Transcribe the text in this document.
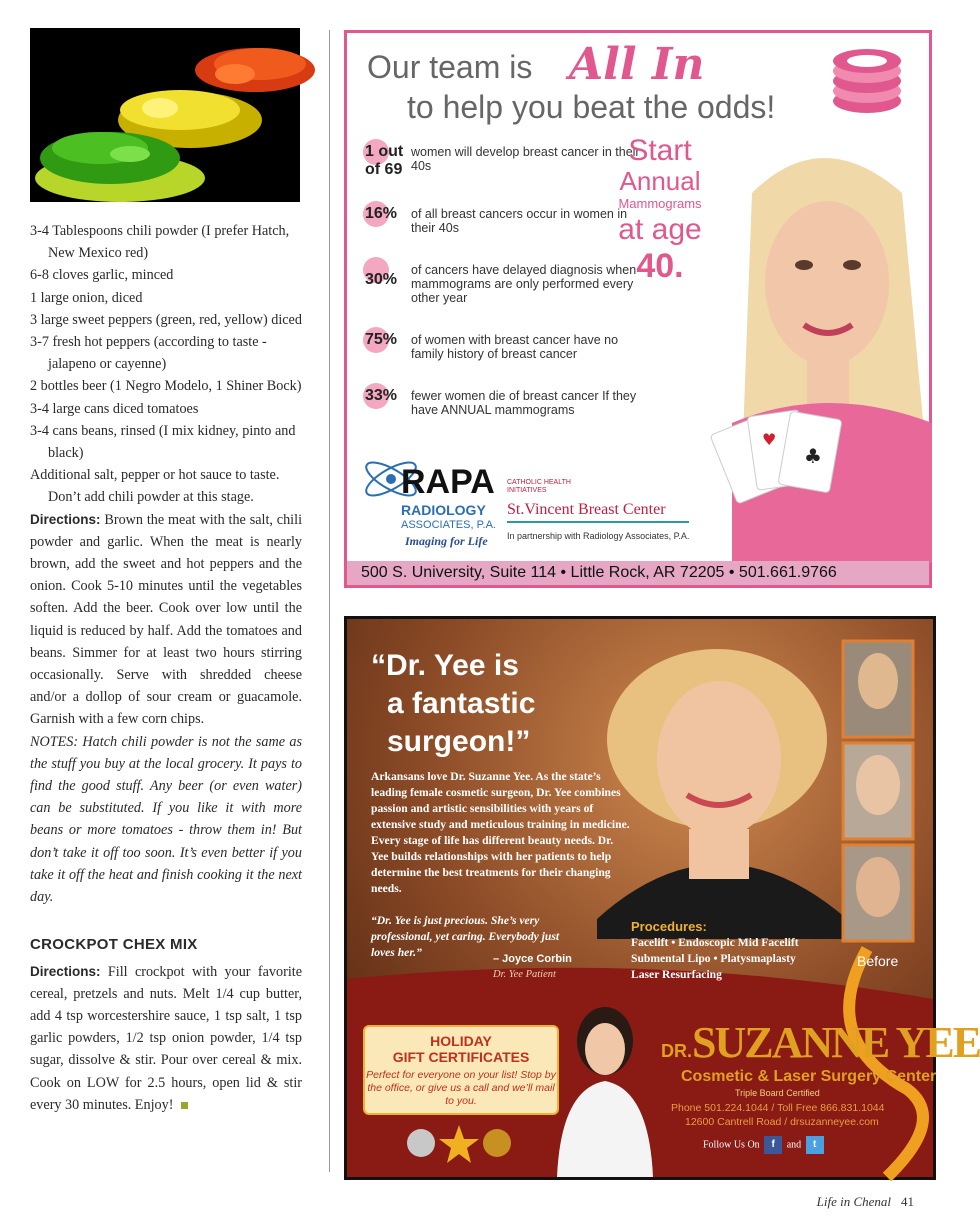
3-4 Tablespoons chili powder (I prefer Hatch, New Mexico red)

6-8 cloves garlic, minced

1 large onion, diced

3 large sweet peppers (green, red, yellow) diced

3-7 fresh hot peppers (according to taste - jalapeno or cayenne)

2 bottles beer (1 Negro Modelo, 1 Shiner Bock)

3-4 large cans diced tomatoes

3-4 cans beans, rinsed (I mix kidney, pinto and black)

Additional salt, pepper or hot sauce to taste. Don’t add chili powder at this stage.

Directions: Brown the meat with the salt, chili powder and garlic. When the meat is nearly brown, add the sweet and hot peppers and the onion. Cook 5-10 minutes until the vegetables soften. Add the beer. Cook over low until the liquid is reduced by half. Add the tomatoes and beans. Simmer for at least two hours stirring occasionally. Serve with shredded cheese and/or a dollop of sour cream or guacamole. Garnish with a few corn chips.

NOTES: Hatch chili powder is not the same as the stuff you buy at the local grocery. It pays to find the good stuff. Any beer (or even water) can be substituted. If you like it with more beans or more tomatoes - throw them in! But don’t take it off too soon. It’s even better if you take it off the heat and finish cooking it the next day.

CROCKPOT CHEX MIX

Directions: Fill crockpot with your favorite cereal, pretzels and nuts. Melt 1/4 cup butter, add 4 tsp worcestershire sauce, 1 tsp salt, 1 tsp garlic powders, 1/2 tsp onion powder, 1/4 tsp sugar, dissolve & stir. Pour over cereal & mix. Cook on LOW for 2.5 hours, open lid & stir every 30 minutes. Enjoy!

Our team is All In
to help you beat the odds!
♣
♥
1 out of 69
women will develop breast cancer in their 40s
16%	of all breast cancers occur in women in their 40s
30%
of cancers have delayed diagnosis when mammograms are only performed every other year
75%	of women with breast cancer have no family history of breast cancer
33%	fewer women die of breast cancer If they have ANNUAL mammograms
Start
Annual
Mammograms
at age
40.
RAPA
RADIOLOGY
ASSOCIATES, P.A.
Imaging for Life
CATHOLIC HEALTH INITIATIVES
St.Vincent Breast Center
In partnership with Radiology Associates, P.A.
500 S. University, Suite 114 • Little Rock, AR 72205 • 501.661.9766
“Dr. Yee is
a fantastic
surgeon!”
Arkansans love Dr. Suzanne Yee. As the state’s leading female cosmetic surgeon, Dr. Yee combines passion and artistic sensibilities with years of extensive study and meticulous training in medicine. Every stage of life has different beauty needs. Dr. Yee builds relationships with her patients to help determine the best treatments for their changing needs.
“Dr. Yee is just precious. She’s very professional, yet caring. Everybody just loves her.”	– Joyce Corbin
Dr. Yee Patient
Procedures:
Facelift • Endoscopic Mid Facelift
Submental Lipo • Platysmaplasty
Laser Resurfacing
Before
HOLIDAY
GIFT CERTIFICATES
Perfect for everyone on your list! Stop by the office, or give us a call and we’ll mail to you.
DR.SUZANNE YEE
Cosmetic & Laser Surgery Center
Triple Board Certified
Phone 501.224.1044 / Toll Free 866.831.1044
12600 Cantrell Road / drsuzanneyee.com
Follow Us On f and t
Life in Chenal 41
